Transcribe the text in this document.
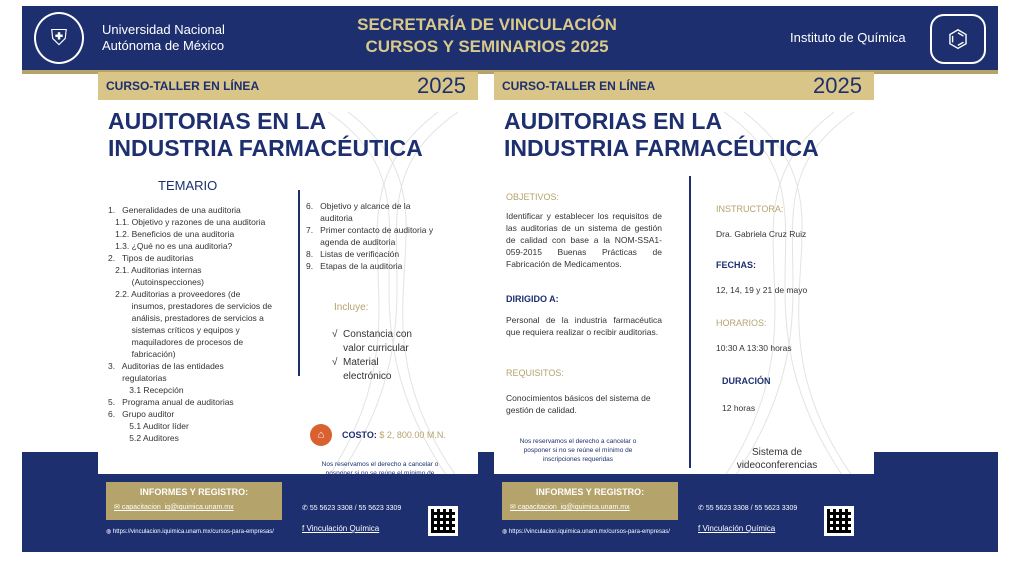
⛨	Universidad Nacional
Autónoma de México
SECRETARÍA DE VINCULACIÓN
CURSOS Y SEMINARIOS 2025	Instituto de Química	⌬
CURSO-TALLER EN LÍNEA	2025
AUDITORIAS EN LA
INDUSTRIA FARMACÉUTICA
TEMARIO
1.   Generalidades de una auditoria
1.1. Objetivo y razones de una auditoria
1.2. Beneficios de una auditoria
1.3. ¿Qué no es una auditoria?
2.   Tipos de auditorias
2.1. Auditorias internas
(Autoinspecciones)
2.2. Auditorias a proveedores (de
insumos, prestadores de servicios de
análisis, prestadores de servicios a
sistemas críticos y equipos y
maquiladores de procesos de
fabricación)
3.   Auditorias de las entidades
regulatorias
3.1 Recepción
5.   Programa anual de auditorias
6.   Grupo auditor
5.1 Auditor líder
5.2 Auditores
6.   Objetivo y alcance de la
auditoria
7.   Primer contacto de auditoria y
agenda de auditoria
8.   Listas de verificación
9.   Etapas de la auditoria
Incluye:
√  Constancia con
valor curricular
√  Material
electrónico
⌂	COSTO: $ 2, 800.00 M.N.
Nos reservamos el derecho a cancelar o
INFORMES Y REGISTRO:
✉ capacitacion_iq@iquimica.unam.mx
◍ https://vinculacion.iquimica.unam.mx/cursos-para-empresas/
✆ 55 5623 3308 / 55 5623 3309
f Vinculación Química
CURSO-TALLER EN LÍNEA	2025
AUDITORIAS EN LA
INDUSTRIA FARMACÉUTICA
OBJETIVOS:
Identificar y establecer los requisitos de las auditorias de un sistema de gestión de calidad con base a la NOM-SSA1-059-2015 Buenas Prácticas de Fabricación de Medicamentos.
DIRIGIDO A:
Personal de la industria farmacéutica que requiera realizar o recibir auditorias.
REQUISITOS:
Conocimientos básicos del sistema de gestión de calidad.
Nos reservamos el derecho a cancelar o posponer si no se reúne el mínimo de inscripciones requeridas
INSTRUCTORA:
Dra. Gabriela Cruz Ruiz
FECHAS:
12, 14, 19 y 21 de mayo
HORARIOS:
10:30 A 13:30 horas
DURACIÓN
12 horas
Sistema de
videoconferencias
INFORMES Y REGISTRO:
✉ capacitacion_iq@iquimica.unam.mx
◍ https://vinculacion.iquimica.unam.mx/cursos-para-empresas/
✆ 55 5623 3308 / 55 5623 3309
f Vinculación Química
